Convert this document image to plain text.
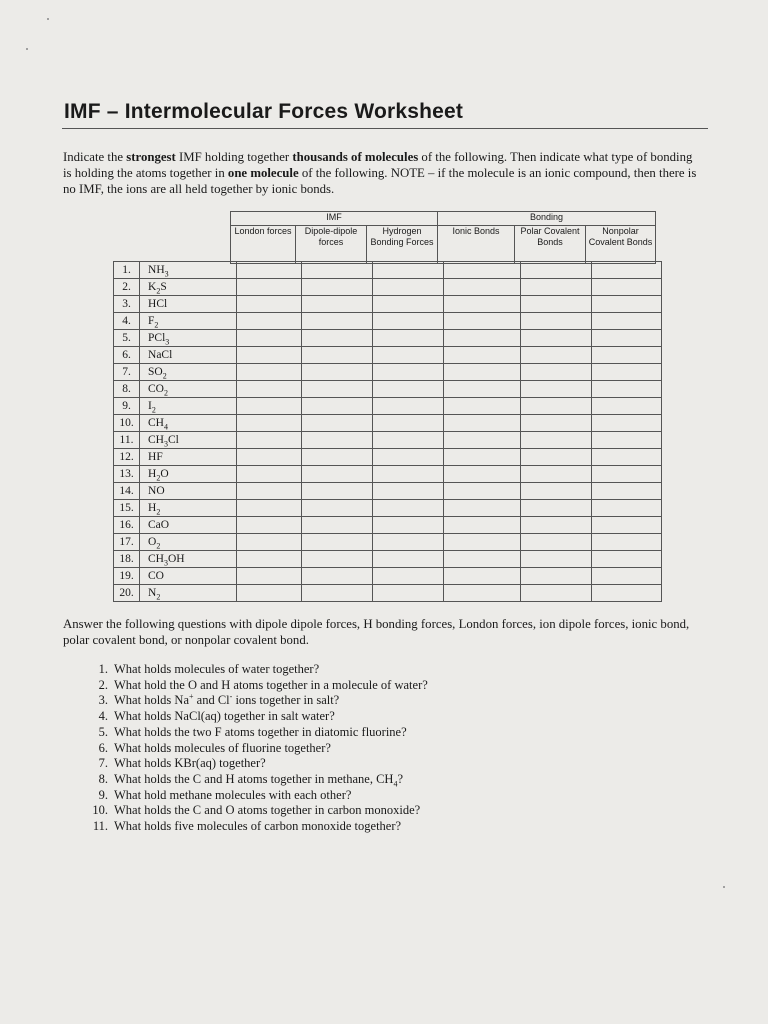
IMF – Intermolecular Forces Worksheet
Indicate the strongest IMF holding together thousands of molecules of the following. Then indicate what type of bonding is holding the atoms together in one molecule of the following. NOTE – if the molecule is an ionic compound, then there is no IMF, the ions are all held together by ionic bonds.
IMF			Bonding		
London forces	Dipole-dipole forces	Hydrogen Bonding Forces	Ionic Bonds	Polar Covalent Bonds	Nonpolar Covalent Bonds
1.	$NH_3$						
2.	$K_2S$						
3.	HCl						
4.	$F_2$						
5.	PCl$_3$						
6.	NaCl						
7.	$SO_2$						
8.	$CO_2$						
9.	$I_2$						
10.	$CH_4$						
11.	$CH_3Cl$						
12.	HF						
13.	$H_2O$						
14.	NO						
15.	$H_2$						
16.	CaO						
17.	$O_2$						
18.	$CH_3OH$						
19.	CO						
20.	$N_2$						
Answer the following questions with dipole dipole forces, H bonding forces, London forces, ion dipole forces, ionic bond, polar covalent bond, or nonpolar covalent bond.
1. What holds molecules of water together?
2. What hold the O and H atoms together in a molecule of water?
3. What holds Na+ and Cl- ions together in salt?
4. What holds NaCl(aq) together in salt water?
5. What holds the two F atoms together in diatomic fluorine?
6. What holds molecules of fluorine together?
7. What holds KBr(aq) together?
8. What holds the C and H atoms together in methane, $CH_4$?
9. What hold methane molecules with each other?
10. What holds the C and O atoms together in carbon monoxide?
11. What holds five molecules of carbon monoxide together?
